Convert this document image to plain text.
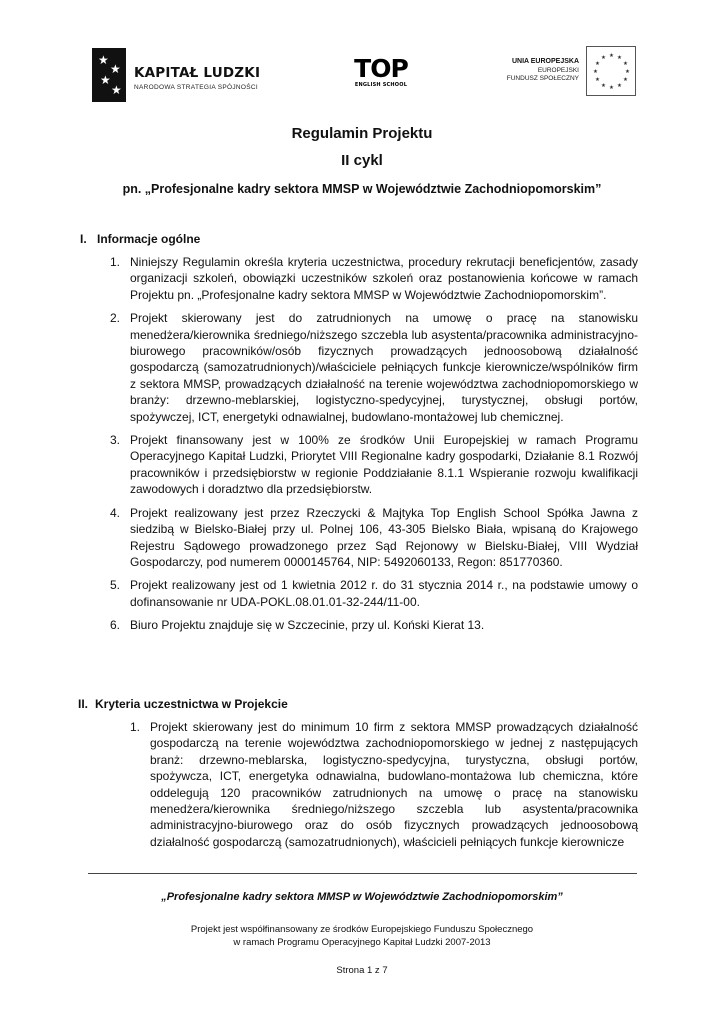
★
★
★
★
KAPITAŁ LUDZKI
NARODOWA STRATEGIA SPÓJNOŚCI
TOP
ENGLISH SCHOOL
UNIA EUROPEJSKA
EUROPEJSKI
FUNDUSZ SPOŁECZNY
★ ★
★
★
★
★
★
★
★
★
★
★
Regulamin Projektu
II cykl
pn. „Profesjonalne kadry sektora MMSP w Województwie Zachodniopomorskim”
I. Informacje ogólne
1. Niniejszy Regulamin określa kryteria uczestnictwa, procedury rekrutacji beneficjentów, zasady organizacji szkoleń, obowiązki uczestników szkoleń oraz postanowienia końcowe w ramach Projektu pn. „Profesjonalne kadry sektora MMSP w Województwie Zachodniopomorskim”.
2. Projekt skierowany jest do zatrudnionych na umowę o pracę na stanowisku menedżera/kierownika średniego/niższego szczebla lub asystenta/pracownika administracyjno-biurowego pracowników/osób fizycznych prowadzących jednoosobową działalność gospodarczą (samozatrudnionych)/właściciele pełniących funkcje kierownicze/wspólników firm z sektora MMSP, prowadzących działalność na terenie województwa zachodniopomorskiego w branży: drzewno-meblarskiej, logistyczno-spedycyjnej, turystycznej, obsługi portów, spożywczej, ICT, energetyki odnawialnej, budowlano-montażowej lub chemicznej.
3. Projekt finansowany jest w 100% ze środków Unii Europejskiej w ramach Programu Operacyjnego Kapitał Ludzki, Priorytet VIII Regionalne kadry gospodarki, Działanie 8.1 Rozwój pracowników i przedsiębiorstw w regionie Poddziałanie 8.1.1 Wspieranie rozwoju kwalifikacji zawodowych i doradztwo dla przedsiębiorstw.
4. Projekt realizowany jest przez Rzeczycki & Majtyka Top English School Spółka Jawna z siedzibą w Bielsko-Białej przy ul. Polnej 106, 43-305 Bielsko Biała, wpisaną do Krajowego Rejestru Sądowego prowadzonego przez Sąd Rejonowy w Bielsku-Białej, VIII Wydział Gospodarczy, pod numerem 0000145764, NIP: 5492060133, Regon: 851770360.
5. Projekt realizowany jest od 1 kwietnia 2012 r. do 31 stycznia 2014 r., na podstawie umowy o dofinansowanie nr UDA-POKL.08.01.01-32-244/11-00.
6. Biuro Projektu znajduje się w Szczecinie, przy ul. Koński Kierat 13.
II. Kryteria uczestnictwa w Projekcie
1. Projekt skierowany jest do minimum 10 firm z sektora MMSP prowadzących działalność gospodarczą na terenie województwa zachodniopomorskiego w jednej z następujących branż: drzewno-meblarska, logistyczno-spedycyjna, turystyczna, obsługi portów, spożywcza, ICT, energetyka odnawialna, budowlano-montażowa lub chemiczna, które oddelegują 120 pracowników zatrudnionych na umowę o pracę na stanowisku menedżera/kierownika średniego/niższego szczebla lub asystenta/pracownika administracyjno-biurowego oraz do osób fizycznych prowadzących jednoosobową działalność gospodarczą (samozatrudnionych), właścicieli pełniących funkcje kierownicze
„Profesjonalne kadry sektora MMSP w Województwie Zachodniopomorskim”
Projekt jest współfinansowany ze środków Europejskiego Funduszu Społecznego
w ramach Programu Operacyjnego Kapitał Ludzki 2007-2013
Strona 1 z 7
